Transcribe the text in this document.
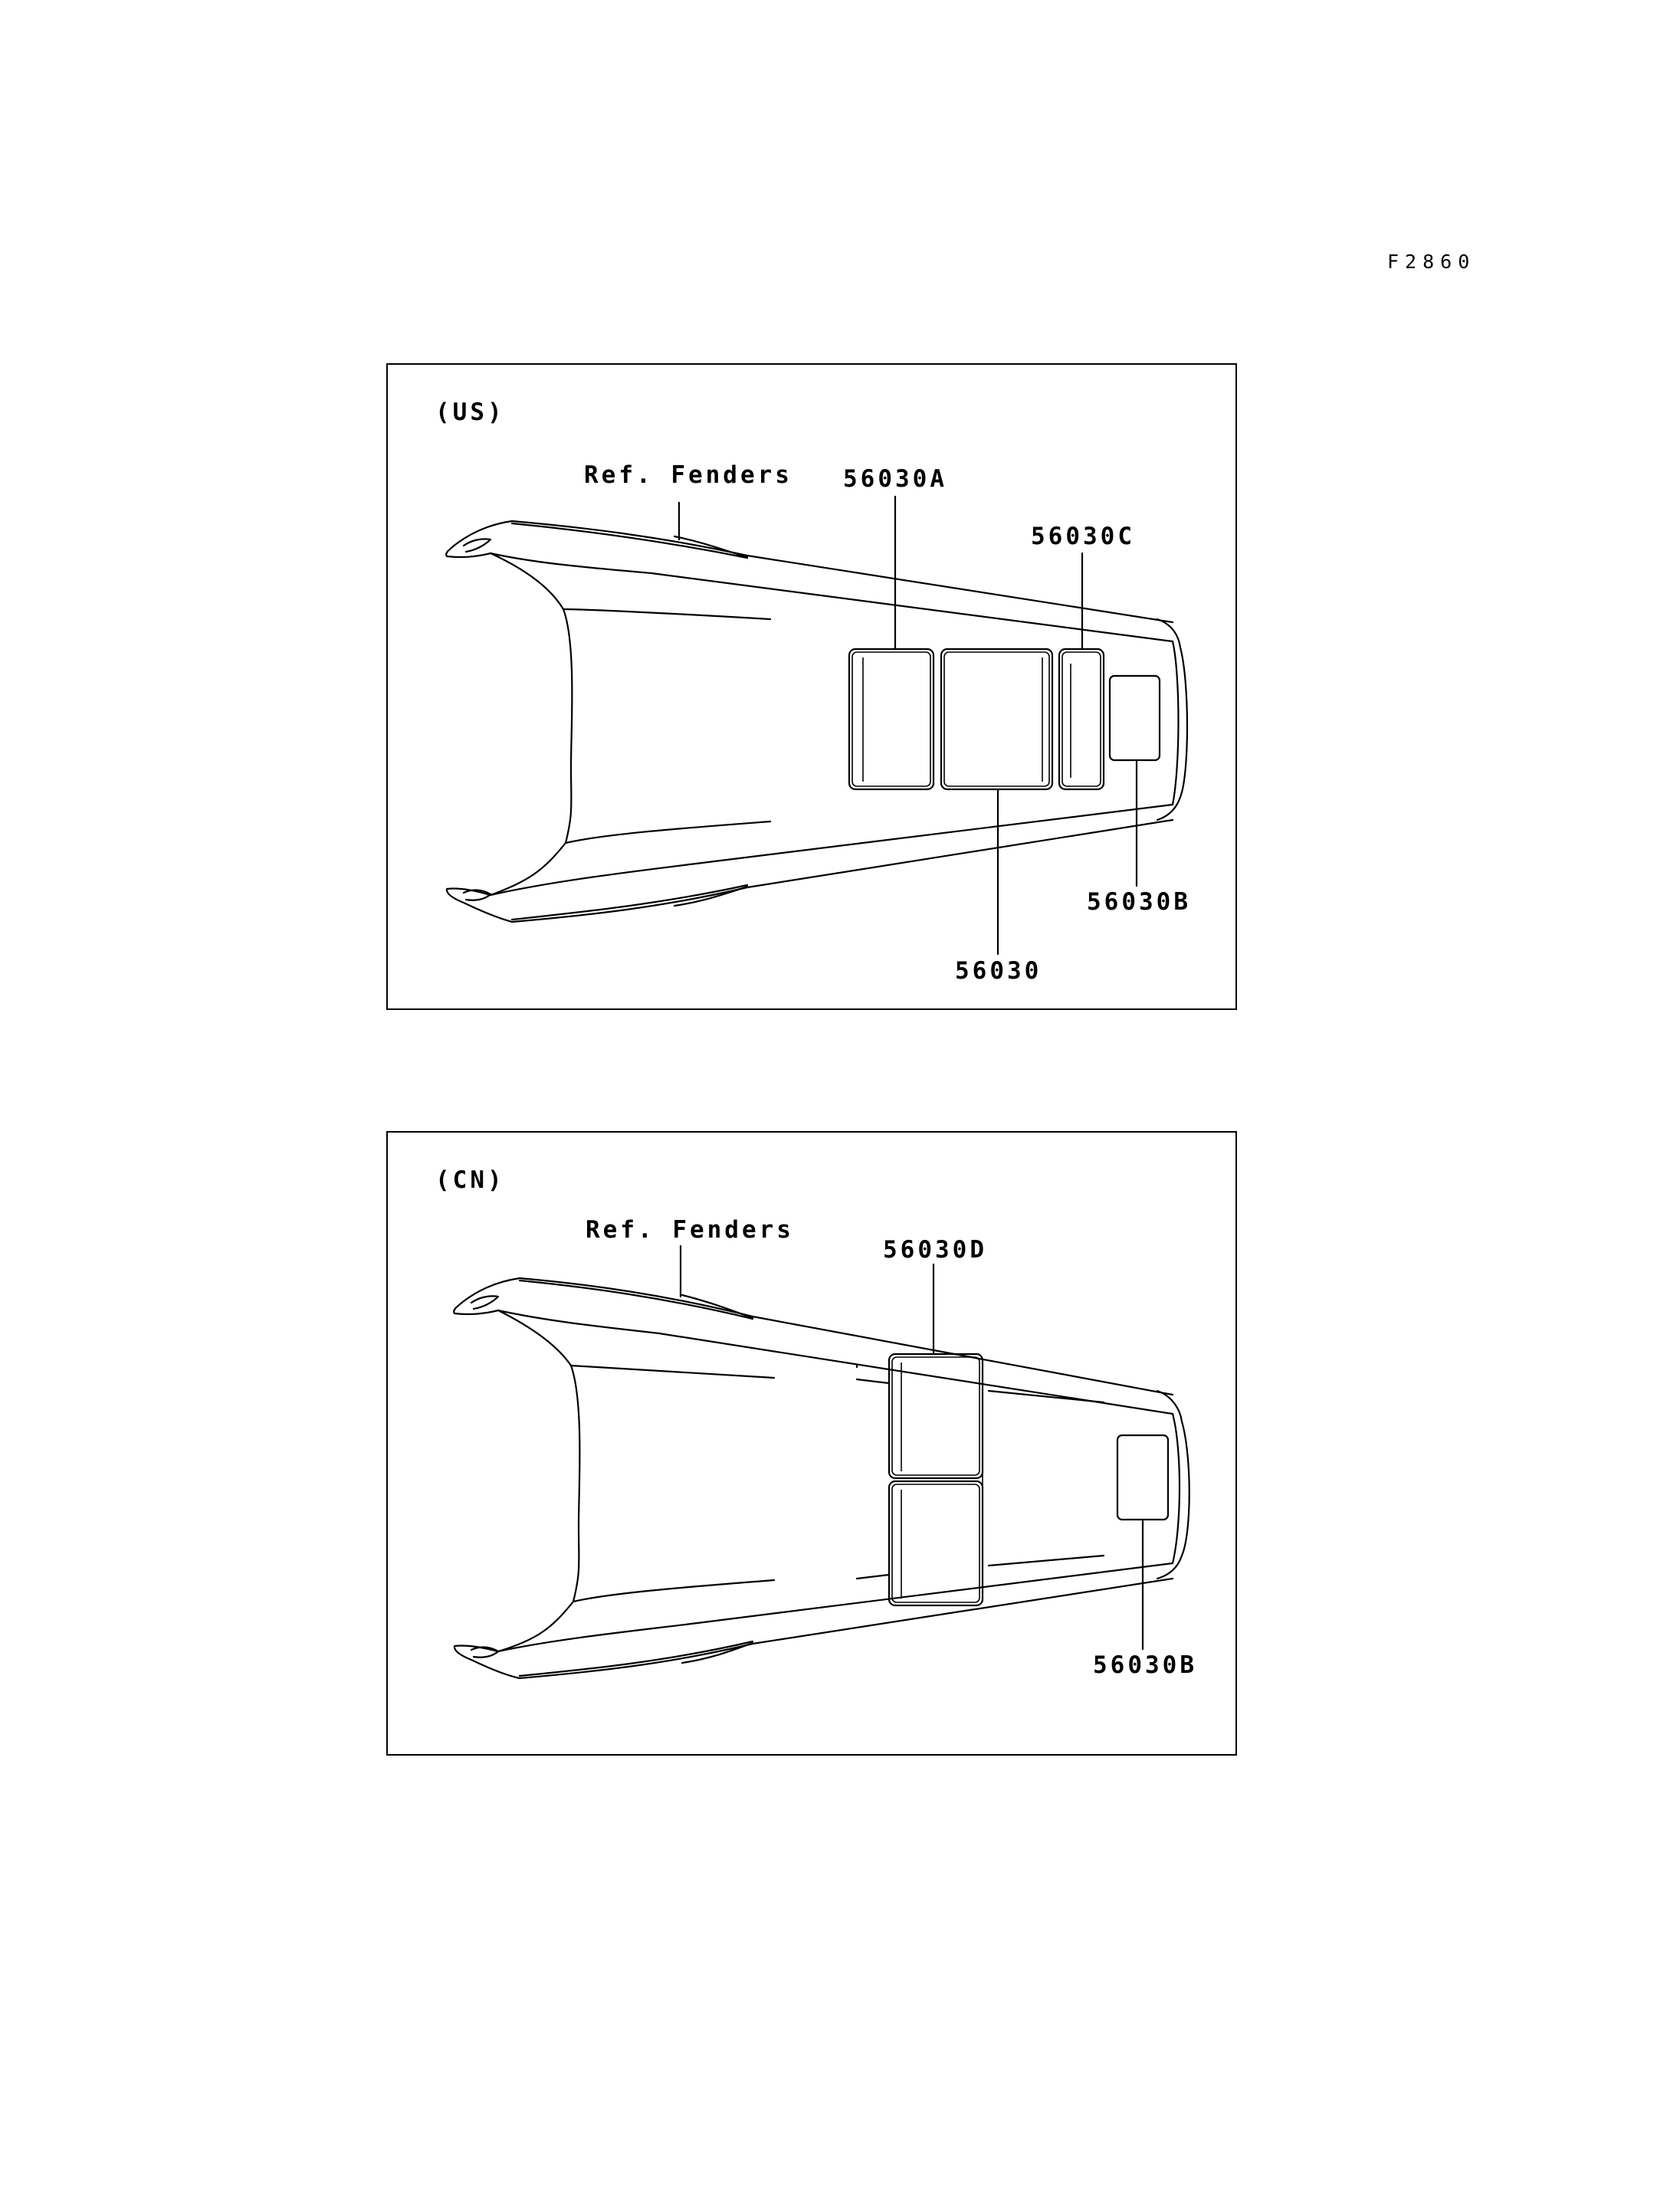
F2860
(US)
Ref. Fenders 56030A
56030C
56030B
56030
(CN)
Ref. Fenders
56030D
56030B
